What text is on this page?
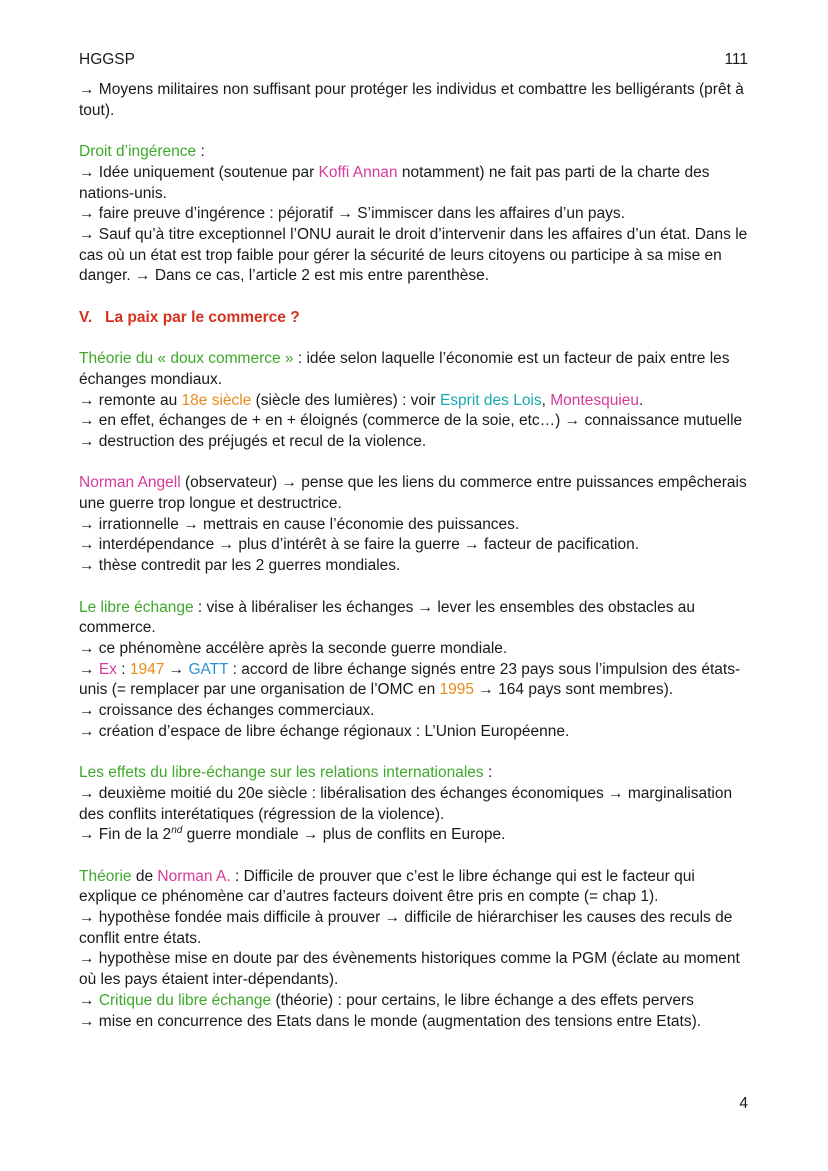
HGGSP	111

→ Moyens militaires non suffisant pour protéger les individus et combattre les belligérants (prêt à tout).

Droit d’ingérence :
→ Idée uniquement (soutenue par Koffi Annan notamment) ne fait pas parti de la charte des nations-unis.
→ faire preuve d’ingérence : péjoratif → S’immiscer dans les affaires d’un pays.
→ Sauf qu’à titre exceptionnel l’ONU aurait le droit d’intervenir dans les affaires d’un état. Dans le cas où un état est trop faible pour gérer la sécurité de leurs citoyens ou participe à sa mise en danger. → Dans ce cas, l’article 2 est mis entre parenthèse.

V. La paix par le commerce ?

Théorie du « doux commerce » : idée selon laquelle l’économie est un facteur de paix entre les échanges mondiaux.
→ remonte au 18e siècle (siècle des lumières) : voir Esprit des Lois, Montesquieu.
→ en effet, échanges de + en + éloignés (commerce de la soie, etc…) → connaissance mutuelle → destruction des préjugés et recul de la violence.

Norman Angell (observateur) → pense que les liens du commerce entre puissances empêcherais une guerre trop longue et destructrice.
→ irrationnelle → mettrais en cause l’économie des puissances.
→ interdépendance → plus d’intérêt à se faire la guerre → facteur de pacification.
→ thèse contredit par les 2 guerres mondiales.

Le libre échange : vise à libéraliser les échanges → lever les ensembles des obstacles au commerce.
→ ce phénomène accélère après la seconde guerre mondiale.
→ Ex : 1947 → GATT : accord de libre échange signés entre 23 pays sous l’impulsion des états-unis (= remplacer par une organisation de l’OMC en 1995 → 164 pays sont membres).
→ croissance des échanges commerciaux.
→ création d’espace de libre échange régionaux : L’Union Européenne.

Les effets du libre-échange sur les relations internationales :
→ deuxième moitié du 20e siècle : libéralisation des échanges économiques → marginalisation des conflits interétatiques (régression de la violence).
→ Fin de la 2nd guerre mondiale → plus de conflits en Europe.

Théorie de Norman A. : Difficile de prouver que c’est le libre échange qui est le facteur qui explique ce phénomène car d’autres facteurs doivent être pris en compte (= chap 1).
→ hypothèse fondée mais difficile à prouver → difficile de hiérarchiser les causes des reculs de conflit entre états.
→ hypothèse mise en doute par des évènements historiques comme la PGM (éclate au moment où les pays étaient inter-dépendants).
→ Critique du libre échange (théorie) : pour certains, le libre échange a des effets pervers
→ mise en concurrence des Etats dans le monde (augmentation des tensions entre Etats).

4
